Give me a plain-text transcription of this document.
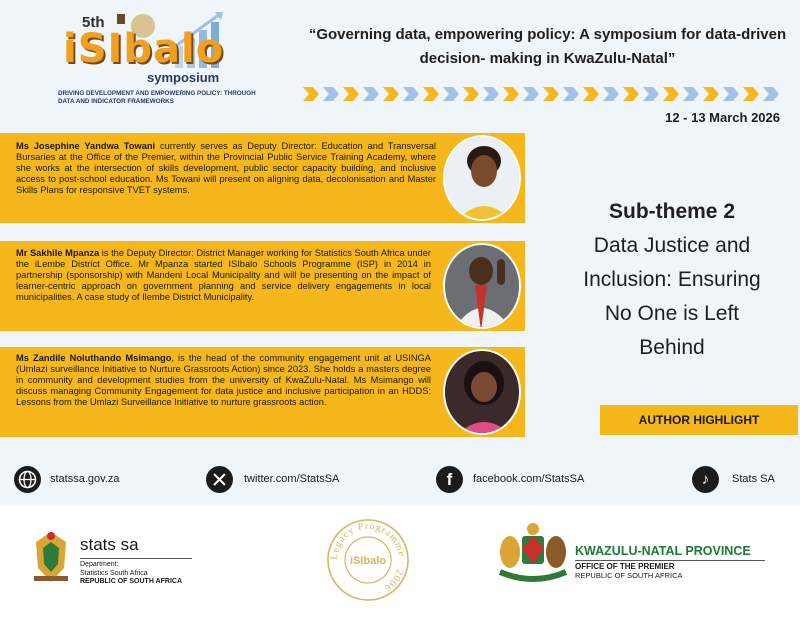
5th
iSIbalo
symposium
DRIVING DEVELOPMENT AND EMPOWERING POLICY: THROUGH DATA AND INDICATOR FRAMEWORKS
“Governing data, empowering policy: A symposium for data-driven decision- making in KwaZulu-Natal”
12 - 13 March 2026
Ms Josephine Yandwa Towani currently serves as Deputy Director: Education and Transversal Bursaries at the Office of the Premier, within the Provincial Public Service Training Academy, where she works at the intersection of skills development, public sector capacity building, and inclusive access to post-school education. Ms Towani will present on aligning data, decolonisation and Master Skills Plans for responsive TVET systems.
Mr Sakhile Mpanza is the Deputy Director: District Manager working for Statistics South Africa under the iLembe District Office. Mr Mpanza started ISIbalo Schools Programme (ISP) in 2014 in partnership (sponsorship) with Mandeni Local Municipality and will be presenting on the impact of learner-centric approach on government planning and service delivery engagements in local municipalities. A case study of Ilembe District Municipality.
Ms Zandile Noluthando Msimango, is the head of the community engagement unit at USINGA (Umlazi surveillance Initiative to Nurture Grassroots Action) since 2023. She holds a masters degree in community and development studies from the university of KwaZulu-Natal. Ms Msimango will discuss managing Community Engagement for data justice and inclusive participation in an HDDS: Lessons from the Umlazi Surveillance Initiative to nurture grassroots action.
Sub-theme 2
Data Justice and
Inclusion: Ensuring
No One is Left
Behind
AUTHOR HIGHLIGHT
statssa.gov.za	twitter.com/StatsSA	f	facebook.com/StatsSA	♪	Stats SA
stats sa
Department:
Statistics South Africa
REPUBLIC OF SOUTH AFRICA
Legacy Programme · 2006 ·
iSIbalo
KWAZULU-NATAL PROVINCE
OFFICE OF THE PREMIER
REPUBLIC OF SOUTH AFRICA
